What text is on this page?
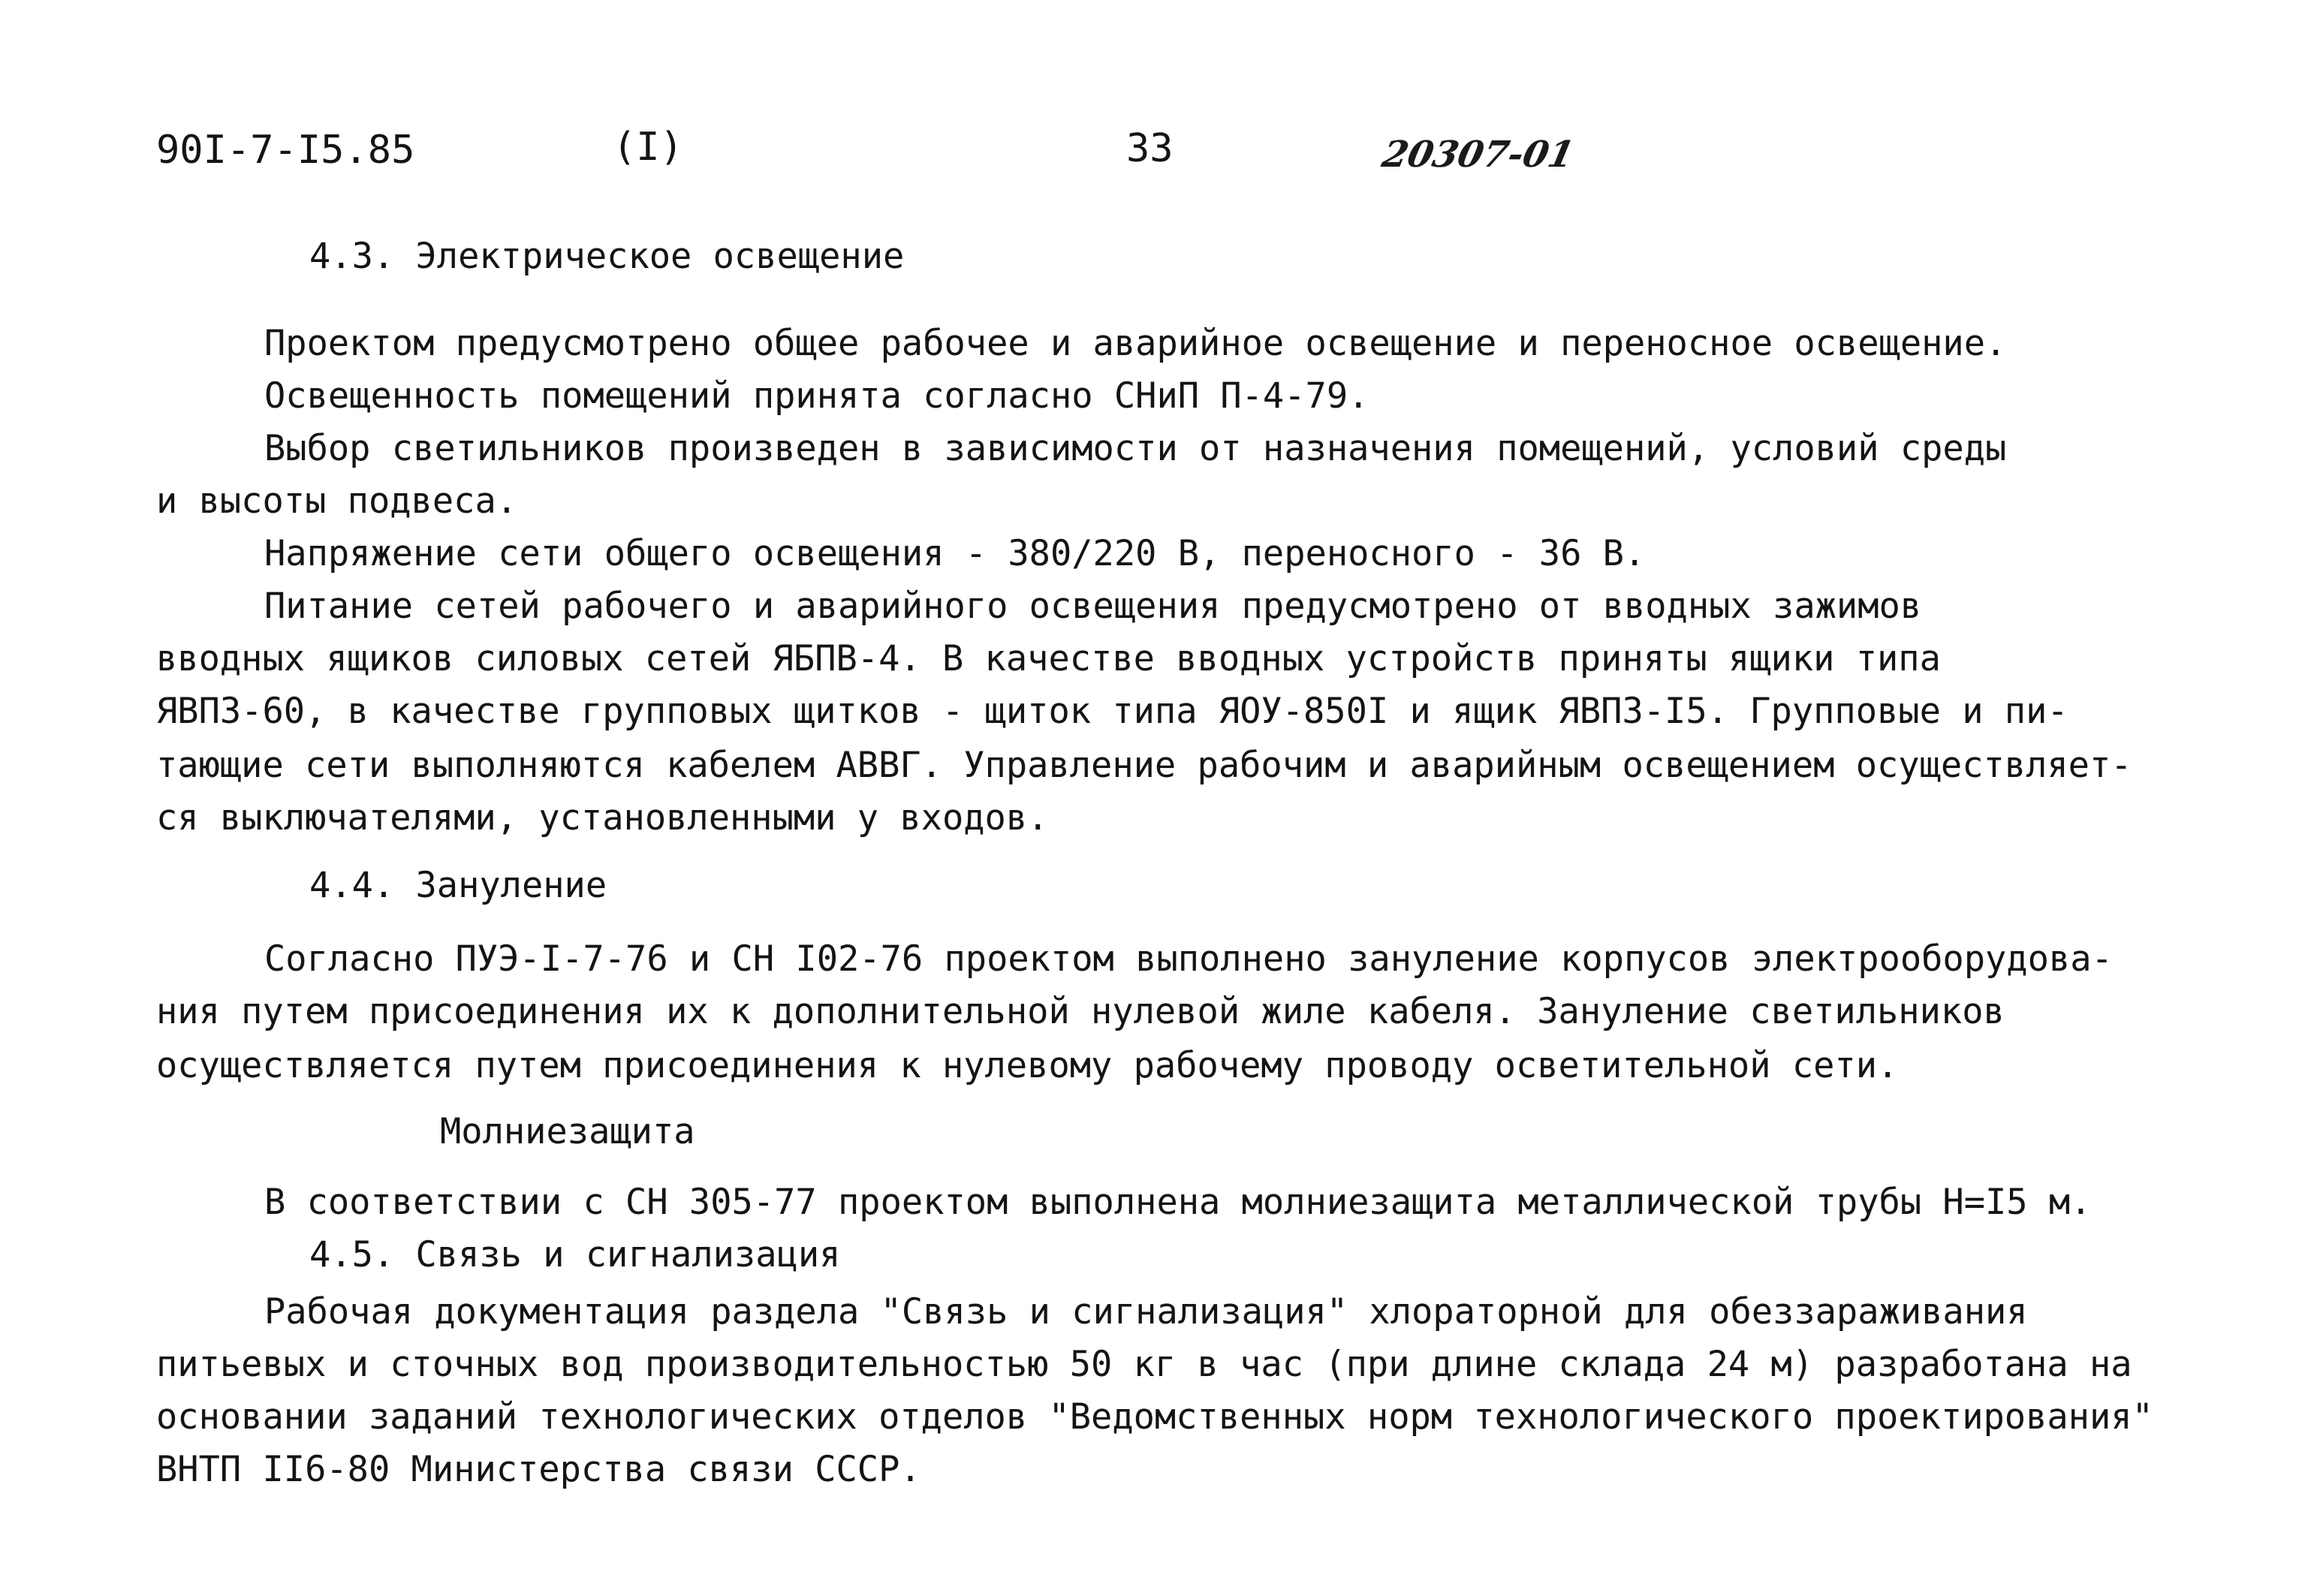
90I-7-I5.85	(I)	33	20307-01
4.3. Электрическое освещение
Проектом предусмотрено общее рабочее и аварийное освещение и переносное освещение.
Освещенность помещений принята согласно СНиП П-4-79.
Выбор светильников произведен в зависимости от назначения помещений, условий среды
и высоты подвеса.
Напряжение сети общего освещения - 380/220 В, переносного - 36 В.
Питание сетей рабочего и аварийного освещения предусмотрено от вводных зажимов
вводных ящиков силовых сетей ЯБПВ-4. В качестве вводных устройств приняты ящики типа
ЯВПЗ-60, в качестве групповых щитков - щиток типа ЯОУ-850I и ящик ЯВПЗ-I5. Групповые и пи-
тающие сети выполняются кабелем АВВГ. Управление рабочим и аварийным освещением осуществляет-
ся выключателями, установленными у входов.
4.4. Зануление
Согласно ПУЭ-I-7-76 и СН I02-76 проектом выполнено зануление корпусов электрооборудова-
ния путем присоединения их к дополнительной нулевой жиле кабеля. Зануление светильников
осуществляется путем присоединения к нулевому рабочему проводу осветительной сети.
Молниезащита
В соответствии с СН 305-77 проектом выполнена молниезащита металлической трубы Н=I5 м.
4.5. Связь и сигнализация
Рабочая документация раздела "Связь и сигнализация" хлораторной для обеззараживания
питьевых и сточных вод производительностью 50 кг в час (при длине склада 24 м) разработана на
основании заданий технологических отделов "Ведомственных норм технологического проектирования"
ВНТП II6-80 Министерства связи СССР.
